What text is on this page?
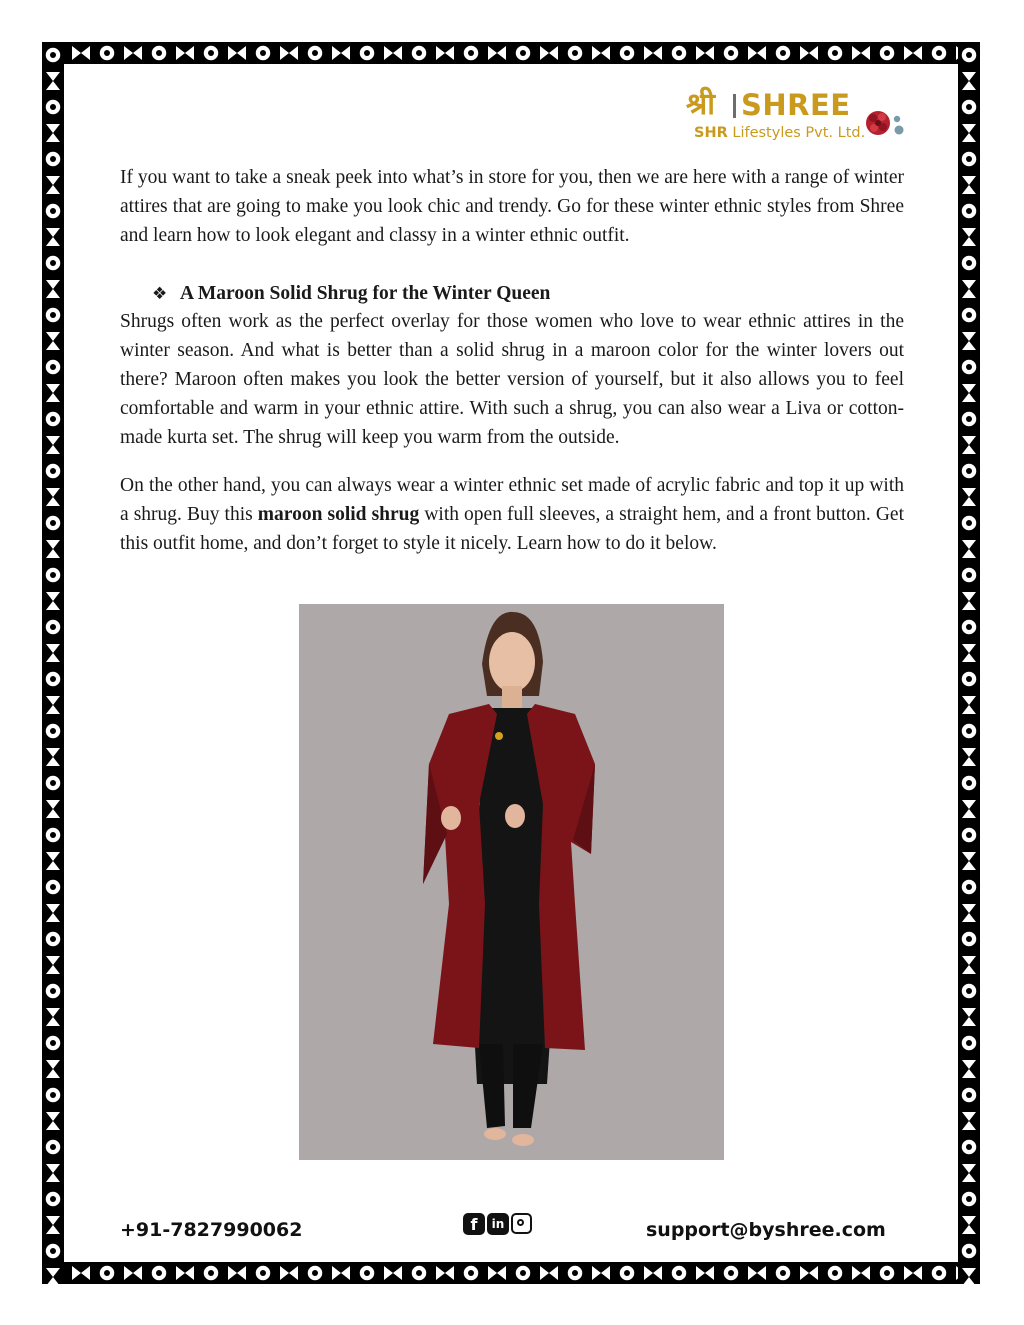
श्री SHREE
SHR Lifestyles Pvt. Ltd.

If you want to take a sneak peek into what’s in store for you, then we are here with a range of winter attires that are going to make you look chic and trendy. Go for these winter ethnic styles from Shree and learn how to look elegant and classy in a winter ethnic outfit.

❖ A Maroon Solid Shrug for the Winter Queen

Shrugs often work as the perfect overlay for those women who love to wear ethnic attires in the winter season. And what is better than a solid shrug in a maroon color for the winter lovers out there? Maroon often makes you look the better version of yourself, but it also allows you to feel comfortable and warm in your ethnic attire. With such a shrug, you can also wear a Liva or cotton-made kurta set. The shrug will keep you warm from the outside.

On the other hand, you can always wear a winter ethnic set made of acrylic fabric and top it up with a shrug. Buy this maroon solid shrug with open full sleeves, a straight hem, and a front button. Get this outfit home, and don’t forget to style it nicely. Learn how to do it below.

+91-7827990062	f	in	support@byshree.com
